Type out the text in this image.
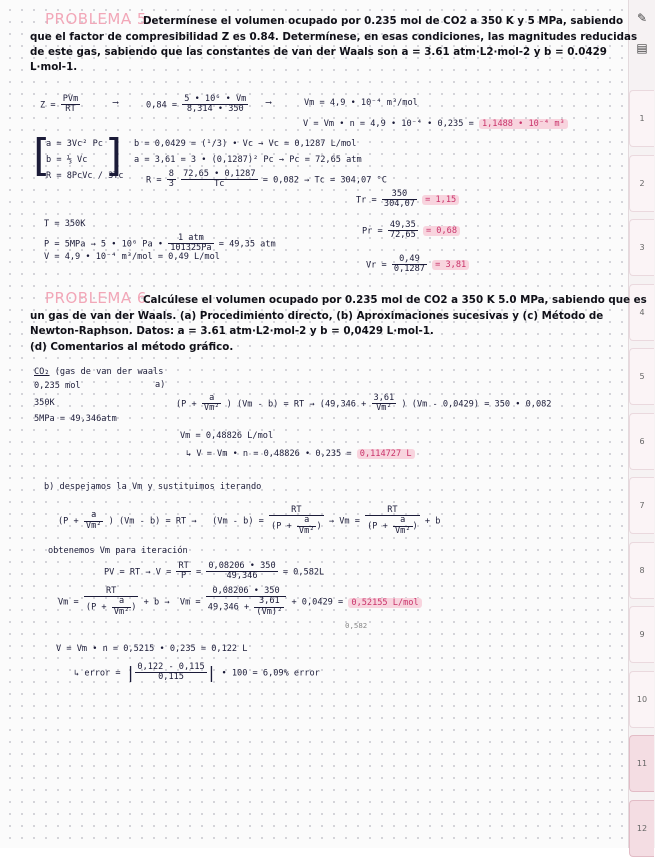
✎
▤
1
2
3
4
5
6
7
8
9
10
11
12
PROBLEMA 5:
Determínese el volumen ocupado por 0.235 mol de CO2 a 350 K y 5 MPa, sabiendo
que el factor de compresibilidad Z es 0.84. Determínese, en esas condiciones, las magnitudes reducidas
de este gas, sabiendo que las constantes de van der Waals son a = 3.61 atm·L2·mol-2 y b = 0.0429
L·mol-1.
$Z = \frac{\text{PVm}}{RT}$	⟶	$0,84 = \frac{\text{5 • 10⁶ • Vm}}{8,314 • 350}$ ⟶	Vm = 4,9 • 10⁻⁴ m³/mol
V = Vm • n = 4,9 • 10⁻⁴ • 0,235 = 1,1488 • 10⁻⁴ m³
[ ]
a = 3Vc² Pc
b = ⅓ Vc
R = 8PcVc / 3Tc
b = 0,0429 = (¹/3) • Vc → Vc = 0,1287 L/mol
a = 3,61 = 3 • (0,1287)² Pc → Pc = 72,65 atm
$R = \frac{8}{3}$
$\frac{72,65 • 0,1287}{Tc} = 0,082 \to Tc = 304,07$ °C
$Tr = \frac{350}{304,07} = 1,15$
T = 350K
P = 5MPa → 5 • 10⁶ Pa • $\frac{\text{1 atm}}{101325Pa} = 49,35$ atm
V = 4,9 • 10⁻⁴ m³/mol = 0,49 L/mol
$Pr = \frac{49,35}{72,65} = 0,68$
$Vr = \frac{0,49}{0,1287} = 3,81$
PROBLEMA 6:
Calcúlese el volumen ocupado por 0.235 mol de CO2 a 350 K 5.0 MPa, sabiendo que es
un gas de van der Waals. (a) Procedimiento directo, (b) Aproximaciones sucesivas y (c) Método de
Newton-Raphson. Datos: a = 3.61 atm·L2·mol-2 y b = 0,0429 L·mol-1.
(d) Comentarios al método gráfico.
CO₂ (gas de van der waals
0,235 mol
350K
5MPa = 49,346atm
a)
($P + \frac{a}{\text{Vm²}}$ ) (Vm - b) = RT → ($49,346 + \frac{3,61}{\text{Vm²}}$ ) (Vm - 0,0429) = 350 • 0,082
Vm = 0,48826 L/mol
↳ V = Vm • n = 0,48826 • 0,235 = 0,114727 L
b) despejamos la Vm y sustituimos iterando
($P + \frac{a}{\text{Vm²}}$ ) (Vm - b) = RT → $(Vm - b) = \frac{RT}{(P + \frac{a}{\text{Vm²}} )} \to Vm = \frac{RT}{(P + \frac{a}{\text{Vm²}} )} + b$
obtenemos Vm para iteración
PV = RT → $V = \frac{RT}{P} = \frac{0,08206 • 350}{49,346} = 0,582L$
$Vm = \frac{RT}{(P + \frac{a}{\text{Vm²}} )} + b \to Vm = \frac{0,08206 • 350}{49,346 + \frac{3,61}{\text{(Vm)²}}} + 0,0429 = 0,52155$ L/mol
0,582
V = Vm • n = 0,5215 • 0,235 = 0,122 L
↳ error = | $\frac{0,122 - 0,115}{0,115}$ | • 100 = 6,09% error
